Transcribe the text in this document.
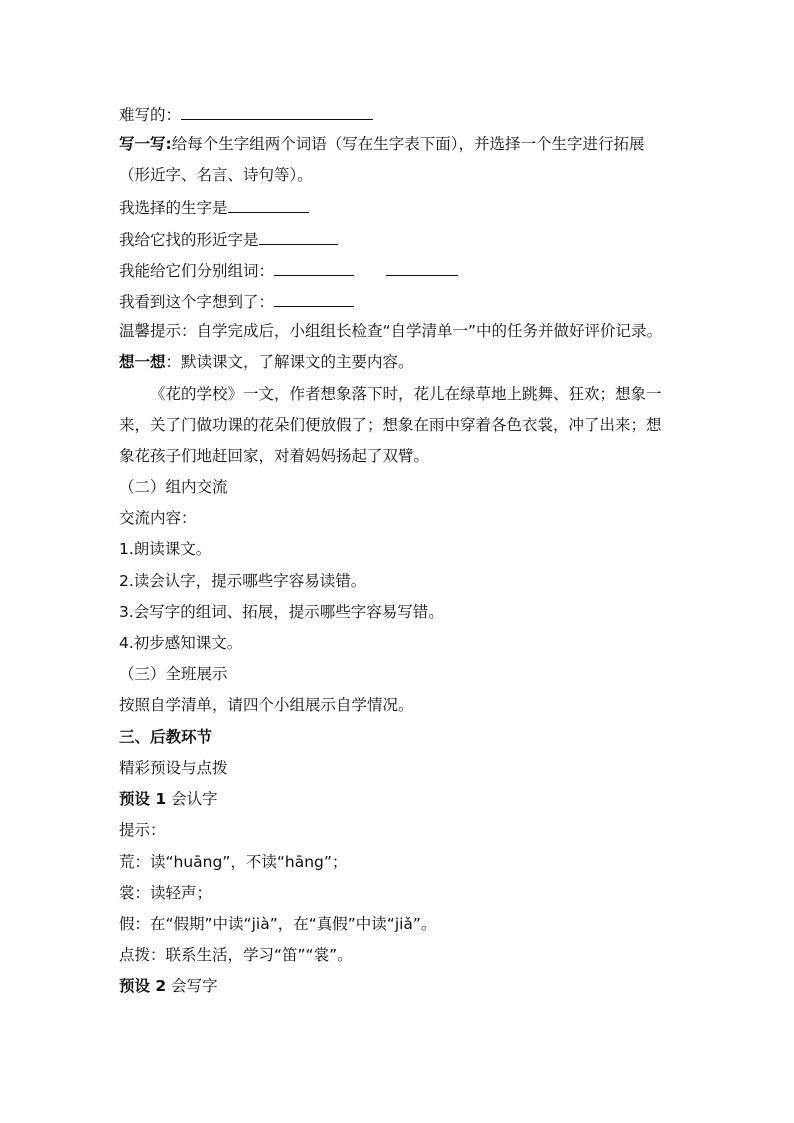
难写的：
写一写:给每个生字组两个词语（写在生字表下面），并选择一个生字进行拓展
（形近字、名言、诗句等）。
我选择的生字是
我给它找的形近字是
我能给它们分别组词：
我看到这个字想到了：
温馨提示：自学完成后，小组组长检查“自学清单一”中的任务并做好评价记录。
想一想：默读课文，了解课文的主要内容。
《花的学校》一文，作者想象落下时，花儿在绿草地上跳舞、狂欢；想象一
来，关了门做功课的花朵们便放假了；想象在雨中穿着各色衣裳，冲了出来；想
象花孩子们地赶回家，对着妈妈扬起了双臂。
（二）组内交流
交流内容：
1.朗读课文。
2.读会认字，提示哪些字容易读错。
3.会写字的组词、拓展，提示哪些字容易写错。
4.初步感知课文。
（三）全班展示
按照自学清单，请四个小组展示自学情况。
三、后教环节
精彩预设与点拨
预设 1 会认字
提示：
荒：读“huāng”，不读“hāng”；
裳：读轻声；
假：在“假期”中读“jià”，在“真假”中读“jiǎ”。
点拨：联系生活，学习“笛”“裳”。
预设 2 会写字
